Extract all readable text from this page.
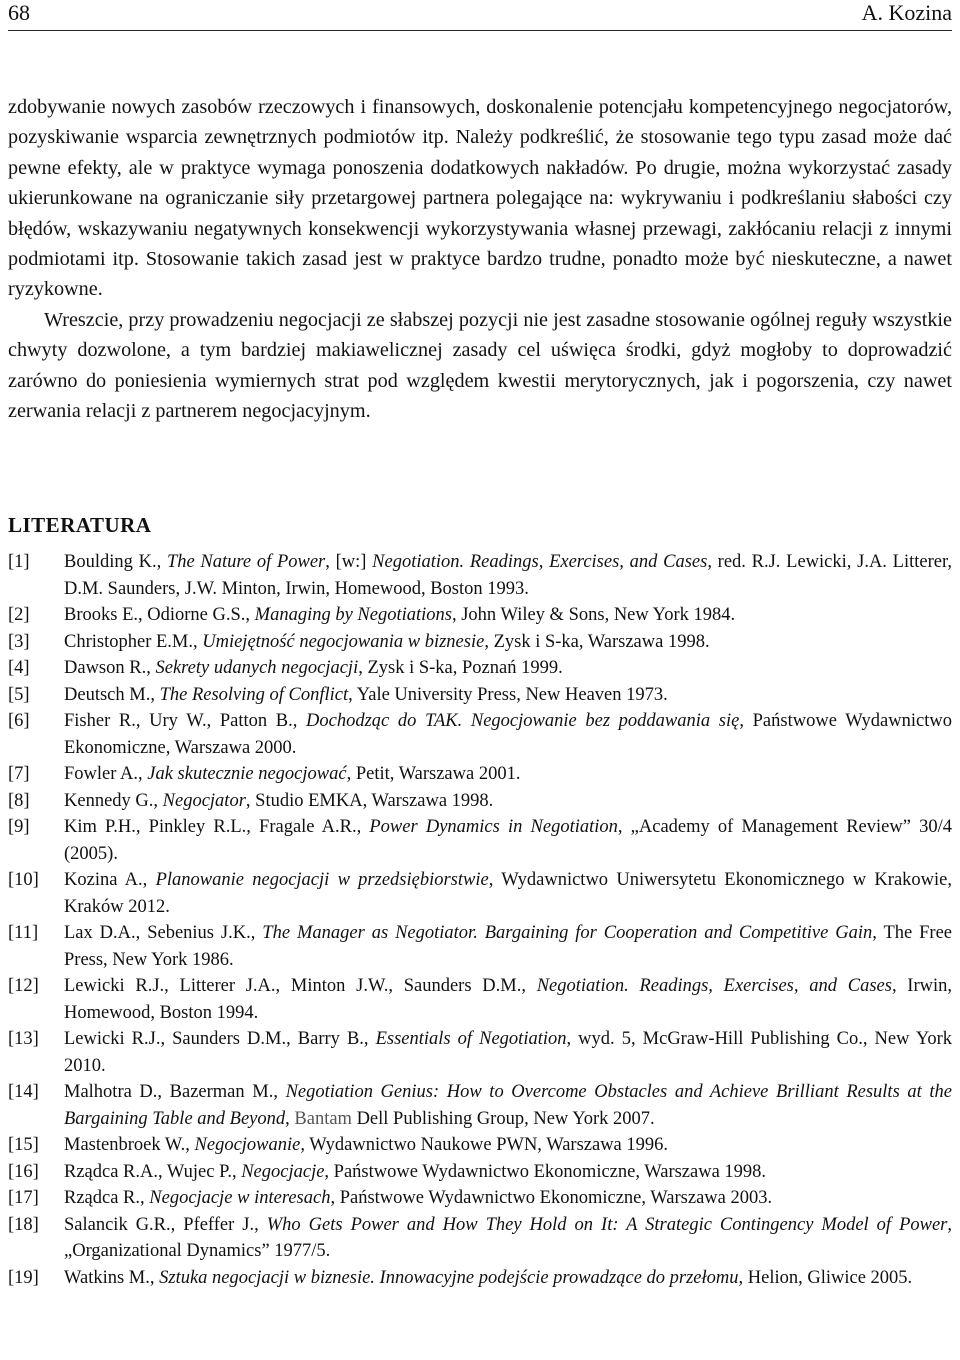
68	A. Kozina

zdobywanie nowych zasobów rzeczowych i finansowych, doskonalenie potencjału kompetencyjnego negocjatorów, pozyskiwanie wsparcia zewnętrznych podmiotów itp. Należy podkreślić, że stosowanie tego typu zasad może dać pewne efekty, ale w praktyce wymaga ponoszenia dodatkowych nakładów. Po drugie, można wykorzystać zasady ukierunkowane na ograniczanie siły przetargowej partnera polegające na: wykrywaniu i podkreślaniu słabości czy błędów, wskazywaniu negatywnych konsekwencji wykorzystywania własnej przewagi, zakłócaniu relacji z innymi podmiotami itp. Stosowanie takich zasad jest w praktyce bardzo trudne, ponadto może być nieskuteczne, a nawet ryzykowne.

Wreszcie, przy prowadzeniu negocjacji ze słabszej pozycji nie jest zasadne stosowanie ogólnej reguły wszystkie chwyty dozwolone, a tym bardziej makiawelicznej zasady cel uświęca środki, gdyż mogłoby to doprowadzić zarówno do poniesienia wymiernych strat pod względem kwestii merytorycznych, jak i pogorszenia, czy nawet zerwania relacji z partnerem negocjacyjnym.

LITERATURA
[1]	Boulding K., The Nature of Power, [w:] Negotiation. Readings, Exercises, and Cases, red. R.J. Lewicki, J.A. Litterer, D.M. Saunders, J.W. Minton, Irwin, Homewood, Boston 1993.
[2]	Brooks E., Odiorne G.S., Managing by Negotiations, John Wiley & Sons, New York 1984.
[3]	Christopher E.M., Umiejętność negocjowania w biznesie, Zysk i S-ka, Warszawa 1998.
[4]	Dawson R., Sekrety udanych negocjacji, Zysk i S-ka, Poznań 1999.
[5]	Deutsch M., The Resolving of Conflict, Yale University Press, New Heaven 1973.
[6]	Fisher R., Ury W., Patton B., Dochodząc do TAK. Negocjowanie bez poddawania się, Państwowe Wydawnictwo Ekonomiczne, Warszawa 2000.
[7]	Fowler A., Jak skutecznie negocjować, Petit, Warszawa 2001.
[8]	Kennedy G., Negocjator, Studio EMKA, Warszawa 1998.
[9]	Kim P.H., Pinkley R.L., Fragale A.R., Power Dynamics in Negotiation, „Academy of Management Review” 30/4 (2005).
[10]	Kozina A., Planowanie negocjacji w przedsiębiorstwie, Wydawnictwo Uniwersytetu Ekonomicznego w Krakowie, Kraków 2012.
[11]	Lax D.A., Sebenius J.K., The Manager as Negotiator. Bargaining for Cooperation and Competitive Gain, The Free Press, New York 1986.
[12]	Lewicki R.J., Litterer J.A., Minton J.W., Saunders D.M., Negotiation. Readings, Exercises, and Cases, Irwin, Homewood, Boston 1994.
[13]	Lewicki R.J., Saunders D.M., Barry B., Essentials of Negotiation, wyd. 5, McGraw-Hill Publishing Co., New York 2010.
[14]	Malhotra D., Bazerman M., Negotiation Genius: How to Overcome Obstacles and Achieve Brilliant Results at the Bargaining Table and Beyond, Bantam Dell Publishing Group, New York 2007.
[15]	Mastenbroek W., Negocjowanie, Wydawnictwo Naukowe PWN, Warszawa 1996.
[16]	Rządca R.A., Wujec P., Negocjacje, Państwowe Wydawnictwo Ekonomiczne, Warszawa 1998.
[17]	Rządca R., Negocjacje w interesach, Państwowe Wydawnictwo Ekonomiczne, Warszawa 2003.
[18]	Salancik G.R., Pfeffer J., Who Gets Power and How They Hold on It: A Strategic Contingency Model of Power, „Organizational Dynamics” 1977/5.
[19]	Watkins M., Sztuka negocjacji w biznesie. Innowacyjne podejście prowadzące do przełomu, Helion, Gliwice 2005.
